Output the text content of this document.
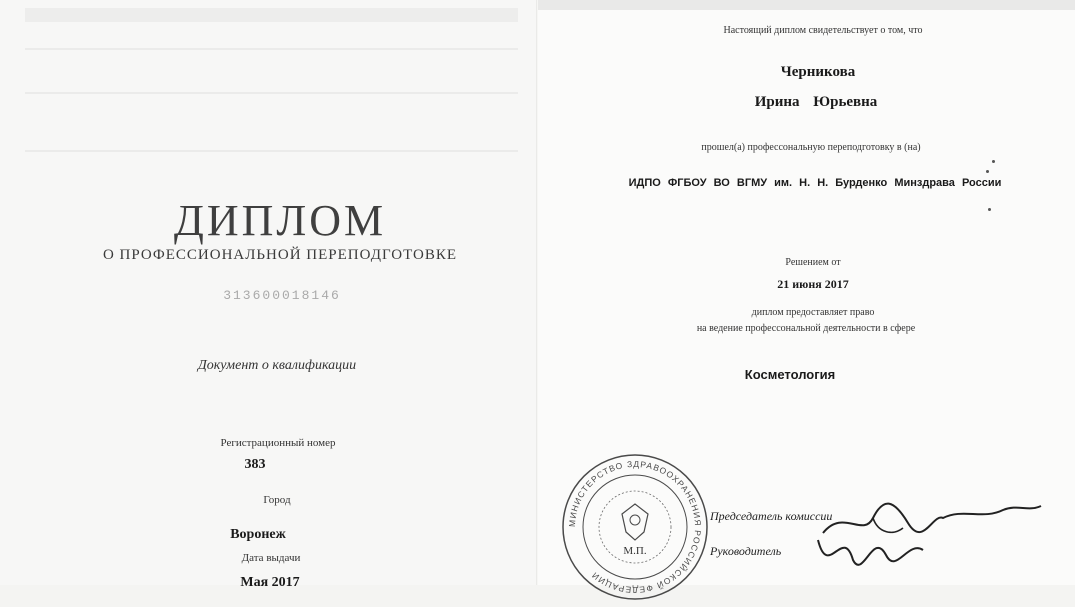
ДИПЛОМ
О ПРОФЕССИОНАЛЬНОЙ ПЕРЕПОДГОТОВКЕ
313600018146
Документ о квалификации
Регистрационный номер
383
Город
Воронеж
Дата выдачи
Мая 2017
Настоящий диплом свидетельствует о том, что
Черникова
Ирина Юрьевна
прошел(а) профессональную переподготовку в (на)
ИДПО ФГБОУ ВО ВГМУ им. Н. Н. Бурденко Минздрава России
Решением от
21 июня 2017
диплом предоставляет право
на ведение профессональной деятельности в сфере
Косметология
МИНИСТЕРСТВО ЗДРАВООХРАНЕНИЯ РОССИЙСКОЙ ФЕДЕРАЦИИ
М.П.
Председатель комиссии
Руководитель
